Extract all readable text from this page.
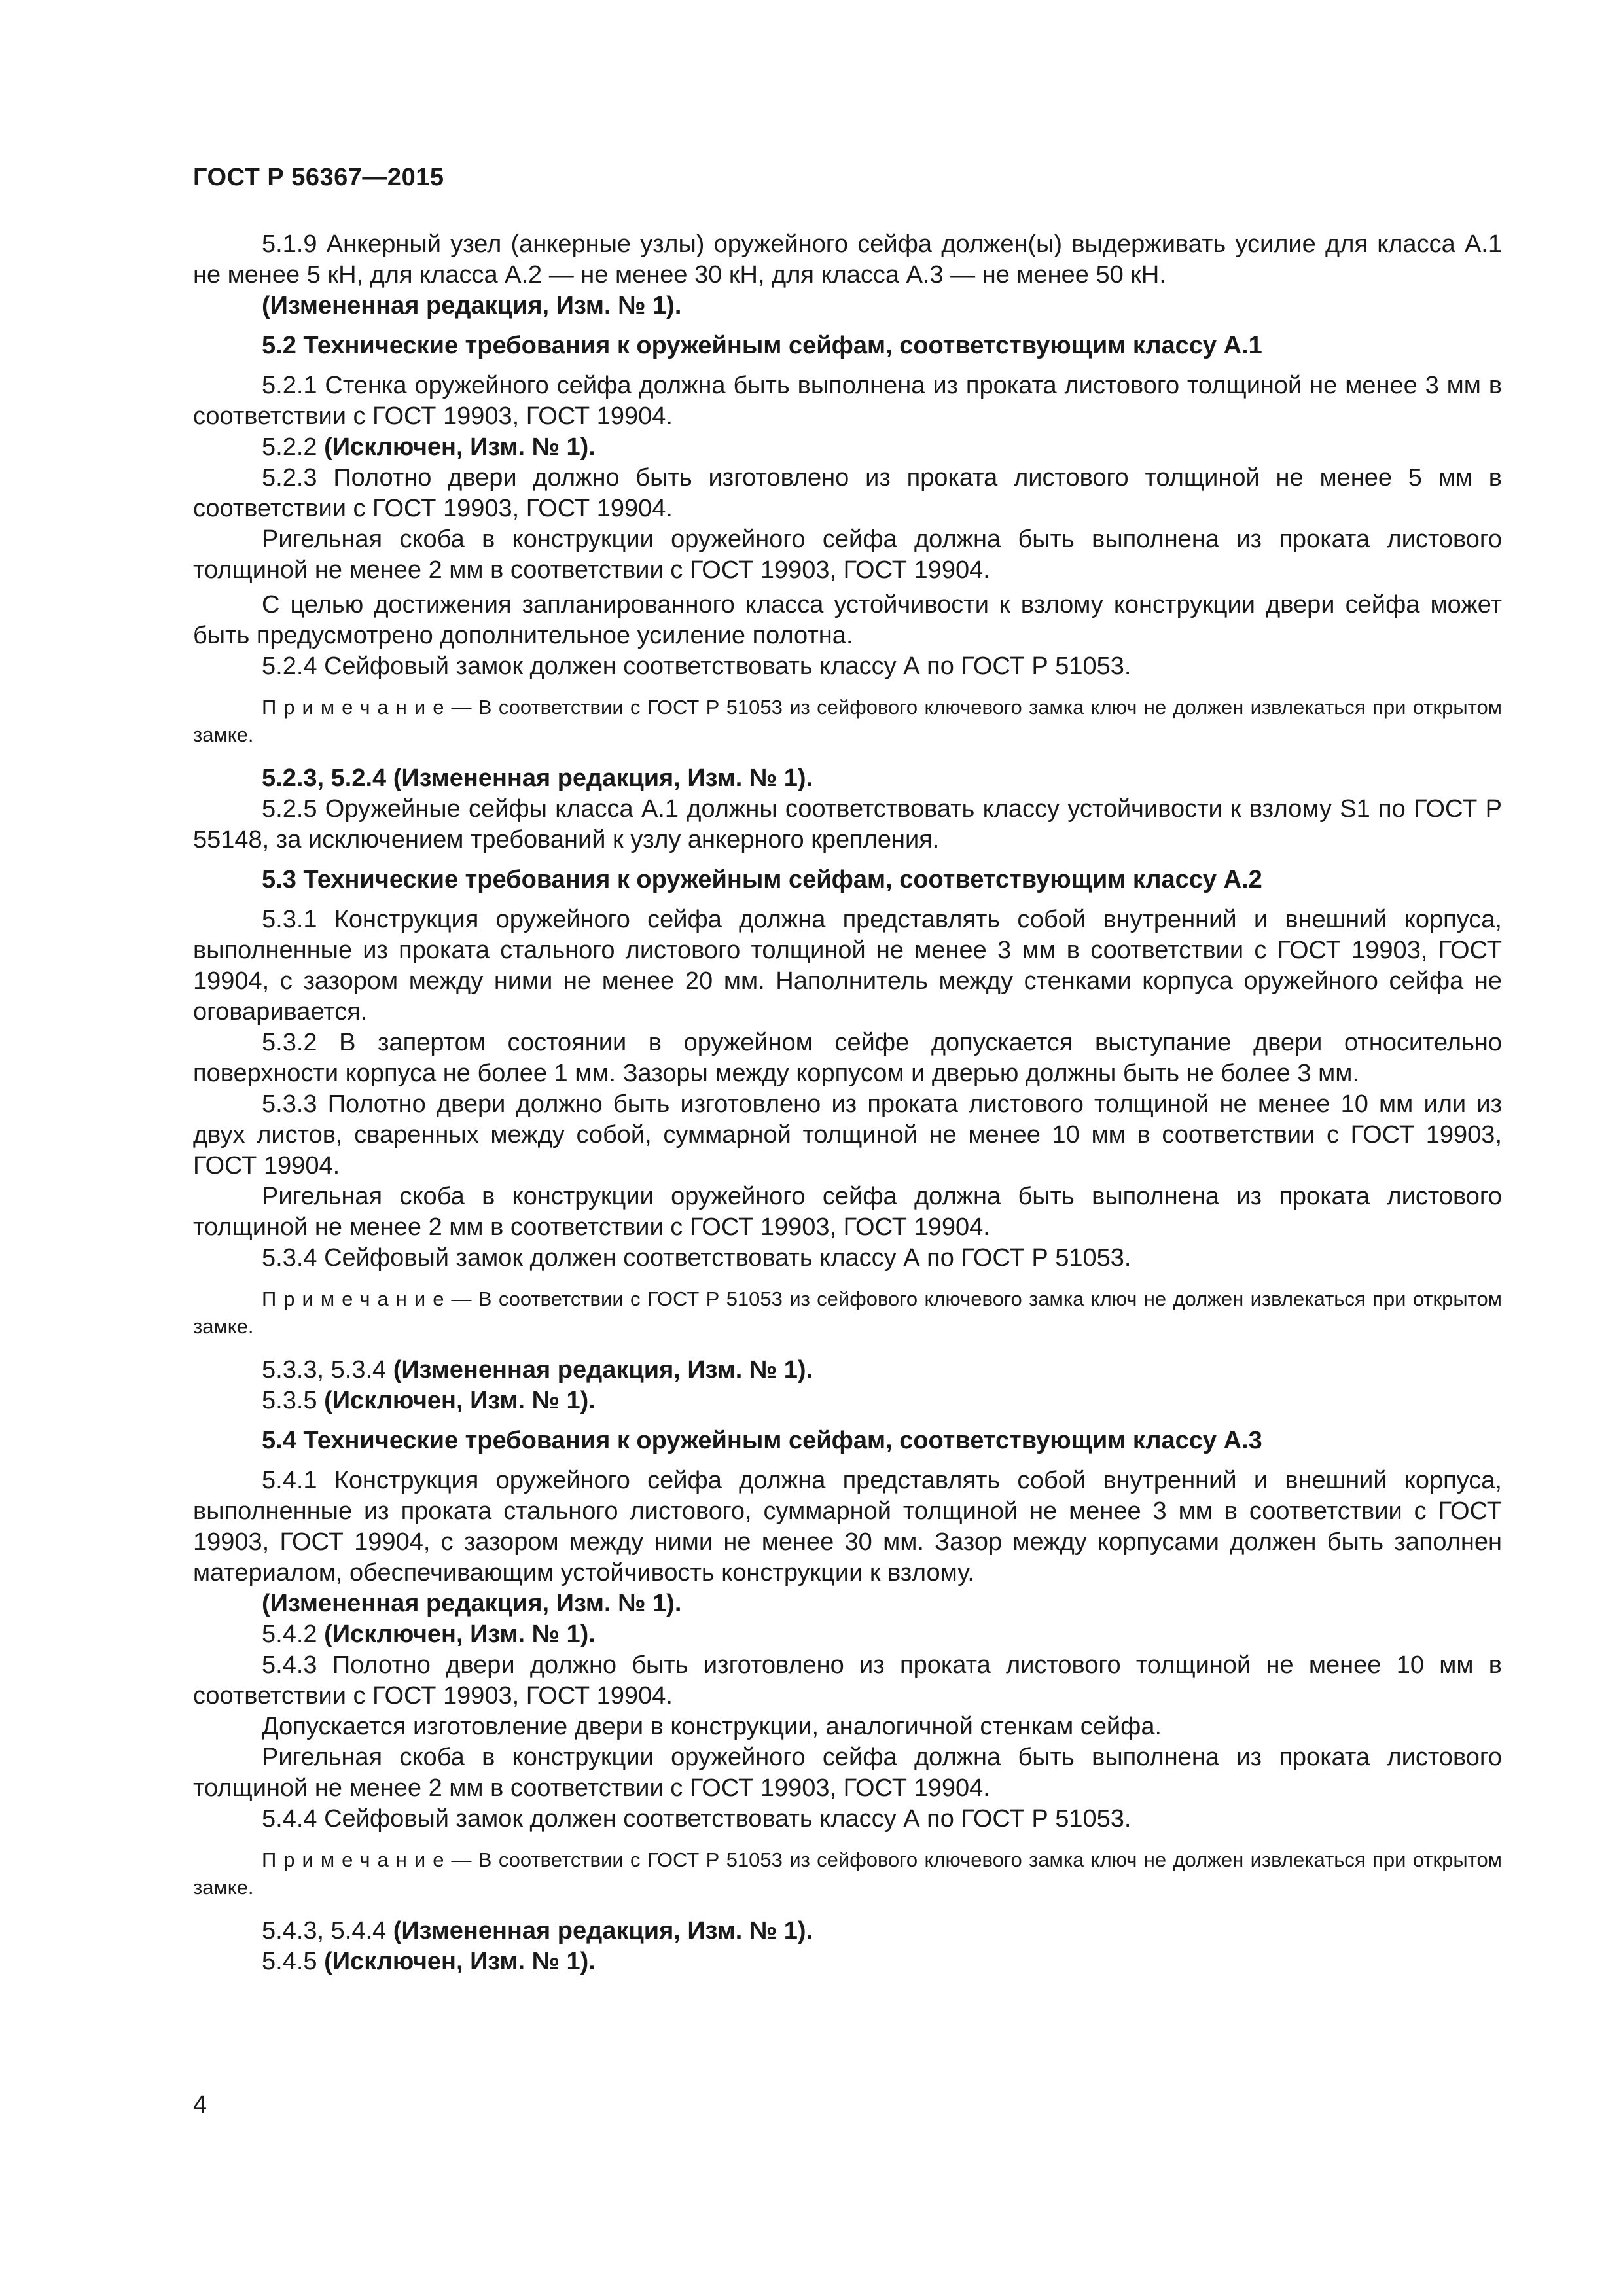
ГОСТ Р 56367—2015

5.1.9 Анкерный узел (анкерные узлы) оружейного сейфа должен(ы) выдерживать усилие для класса А.1 не менее 5 кН, для класса А.2 — не менее 30 кН, для класса А.3 — не менее 50 кН.

(Измененная редакция, Изм. № 1).

5.2 Технические требования к оружейным сейфам, соответствующим классу А.1

5.2.1 Стенка оружейного сейфа должна быть выполнена из проката листового толщиной не менее 3 мм в соответствии с ГОСТ 19903, ГОСТ 19904.

5.2.2 (Исключен, Изм. № 1).

5.2.3 Полотно двери должно быть изготовлено из проката листового толщиной не менее 5 мм в соответствии с ГОСТ 19903, ГОСТ 19904.

Ригельная скоба в конструкции оружейного сейфа должна быть выполнена из проката листового толщиной не менее 2 мм в соответствии с ГОСТ 19903, ГОСТ 19904.

С целью достижения запланированного класса устойчивости к взлому конструкции двери сейфа может быть предусмотрено дополнительное усиление полотна.

5.2.4 Сейфовый замок должен соответствовать классу А по ГОСТ Р 51053.

Примечание— В соответствии с ГОСТ Р 51053 из сейфового ключевого замка ключ не должен извлекаться при открытом замке.

5.2.3, 5.2.4 (Измененная редакция, Изм. № 1).

5.2.5 Оружейные сейфы класса А.1 должны соответствовать классу устойчивости к взлому S1 по ГОСТ Р 55148, за исключением требований к узлу анкерного крепления.

5.3 Технические требования к оружейным сейфам, соответствующим классу А.2

5.3.1 Конструкция оружейного сейфа должна представлять собой внутренний и внешний корпуса, выполненные из проката стального листового толщиной не менее 3 мм в соответствии с ГОСТ 19903, ГОСТ 19904, с зазором между ними не менее 20 мм. Наполнитель между стенками корпуса оружейного сейфа не оговаривается.

5.3.2 В запертом состоянии в оружейном сейфе допускается выступание двери относительно поверхности корпуса не более 1 мм. Зазоры между корпусом и дверью должны быть не более 3 мм.

5.3.3 Полотно двери должно быть изготовлено из проката листового толщиной не менее 10 мм или из двух листов, сваренных между собой, суммарной толщиной не менее 10 мм в соответствии с ГОСТ 19903, ГОСТ 19904.

Ригельная скоба в конструкции оружейного сейфа должна быть выполнена из проката листового толщиной не менее 2 мм в соответствии с ГОСТ 19903, ГОСТ 19904.

5.3.4 Сейфовый замок должен соответствовать классу А по ГОСТ Р 51053.

Примечание— В соответствии с ГОСТ Р 51053 из сейфового ключевого замка ключ не должен извлекаться при открытом замке.

5.3.3, 5.3.4 (Измененная редакция, Изм. № 1).

5.3.5 (Исключен, Изм. № 1).

5.4 Технические требования к оружейным сейфам, соответствующим классу А.3

5.4.1 Конструкция оружейного сейфа должна представлять собой внутренний и внешний корпуса, выполненные из проката стального листового, суммарной толщиной не менее 3 мм в соответствии с ГОСТ 19903, ГОСТ 19904, с зазором между ними не менее 30 мм. Зазор между корпусами должен быть заполнен материалом, обеспечивающим устойчивость конструкции к взлому.

(Измененная редакция, Изм. № 1).

5.4.2 (Исключен, Изм. № 1).

5.4.3 Полотно двери должно быть изготовлено из проката листового толщиной не менее 10 мм в соответствии с ГОСТ 19903, ГОСТ 19904.

Допускается изготовление двери в конструкции, аналогичной стенкам сейфа.

Ригельная скоба в конструкции оружейного сейфа должна быть выполнена из проката листового толщиной не менее 2 мм в соответствии с ГОСТ 19903, ГОСТ 19904.

5.4.4 Сейфовый замок должен соответствовать классу А по ГОСТ Р 51053.

Примечание— В соответствии с ГОСТ Р 51053 из сейфового ключевого замка ключ не должен извлекаться при открытом замке.

5.4.3, 5.4.4 (Измененная редакция, Изм. № 1).

5.4.5 (Исключен, Изм. № 1).

4
